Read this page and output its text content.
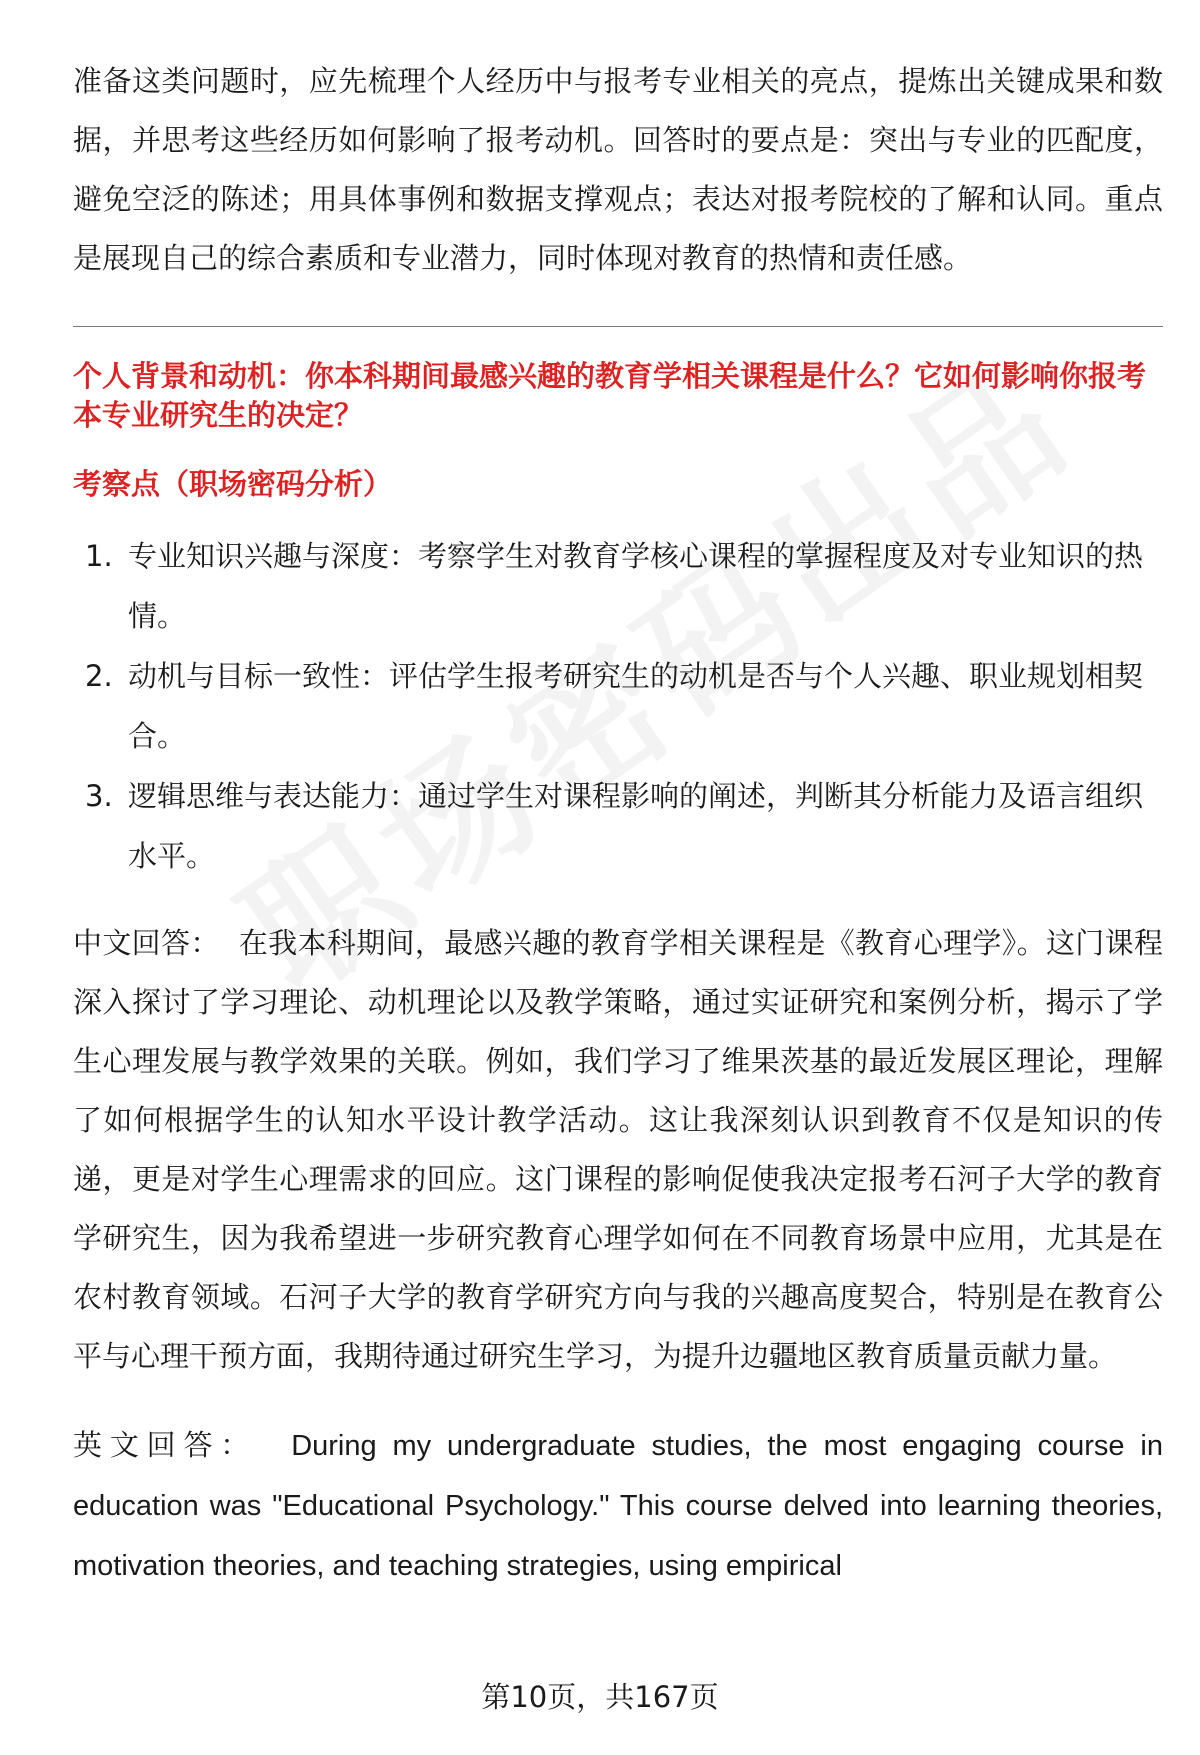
准备这类问题时，应先梳理个人经历中与报考专业相关的亮点，提炼出关键成果和数据，并思考这些经历如何影响了报考动机。回答时的要点是：突出与专业的匹配度，避免空泛的陈述；用具体事例和数据支撑观点；表达对报考院校的了解和认同。重点是展现自己的综合素质和专业潜力，同时体现对教育的热情和责任感。

个人背景和动机：你本科期间最感兴趣的教育学相关课程是什么？它如何影响你报考本专业研究生的决定？
考察点（职场密码分析）
1. 专业知识兴趣与深度：考察学生对教育学核心课程的掌握程度及对专业知识的热情。
2. 动机与目标一致性：评估学生报考研究生的动机是否与个人兴趣、职业规划相契合。
3. 逻辑思维与表达能力：通过学生对课程影响的阐述，判断其分析能力及语言组织水平。

中文回答： 在我本科期间，最感兴趣的教育学相关课程是《教育心理学》。这门课程深入探讨了学习理论、动机理论以及教学策略，通过实证研究和案例分析，揭示了学生心理发展与教学效果的关联。例如，我们学习了维果茨基的最近发展区理论，理解了如何根据学生的认知水平设计教学活动。这让我深刻认识到教育不仅是知识的传递，更是对学生心理需求的回应。这门课程的影响促使我决定报考石河子大学的教育学研究生，因为我希望进一步研究教育心理学如何在不同教育场景中应用，尤其是在农村教育领域。石河子大学的教育学研究方向与我的兴趣高度契合，特别是在教育公平与心理干预方面，我期待通过研究生学习，为提升边疆地区教育质量贡献力量。

英文回答： During my undergraduate studies, the most engaging course in education was "Educational Psychology." This course delved into learning theories, motivation theories, and teaching strategies, using empirical

第10页，共167页
